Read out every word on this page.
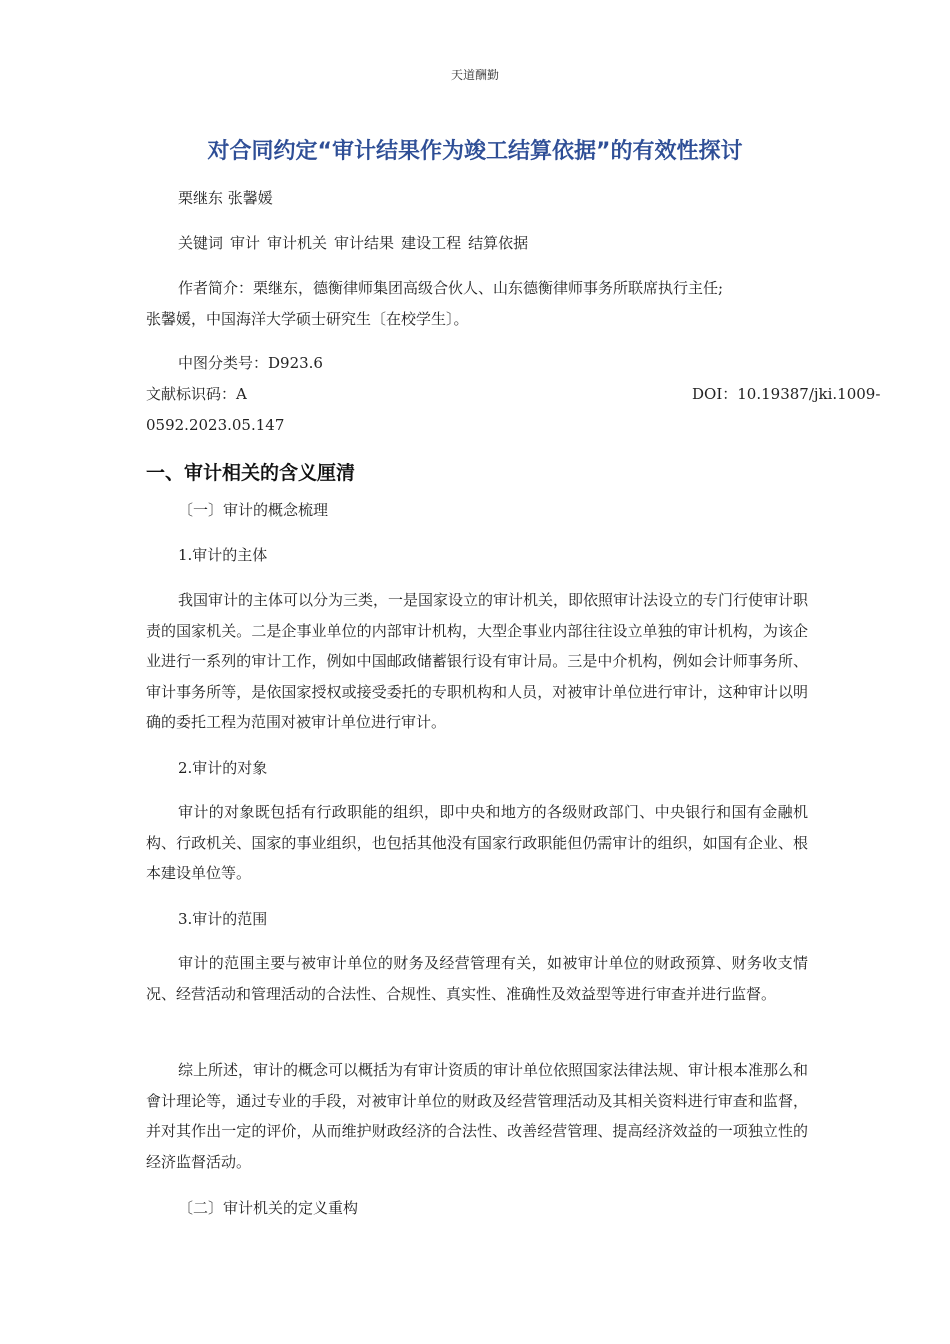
天道酬勤
对合同约定“审计结果作为竣工结算依据”的有效性探讨
栗继东 张馨媛
关键词 审计 审计机关 审计结果 建设工程 结算依据
作者简介：栗继东，德衡律师集团高级合伙人、山东德衡律师事务所联席执行主任;
张馨媛，中国海洋大学硕士研究生〔在校学生〕。
中图分类号：D923.6
文献标识码：A	DOI：10.19387/jki.1009-
0592.2023.05.147
一、审计相关的含义厘清
〔一〕审计的概念梳理
1.审计的主体
我国审计的主体可以分为三类，一是国家设立的审计机关，即依照审计法设立的专门行使审计职责的国家机关。二是企事业单位的内部审计机构，大型企事业内部往往设立单独的审计机构，为该企业进行一系列的审计工作，例如中国邮政储蓄银行设有审计局。三是中介机构，例如会计师事务所、审计事务所等，是依国家授权或接受委托的专职机构和人员，对被审计单位进行审计，这种审计以明确的委托工程为范围对被审计单位进行审计。
2.审计的对象
审计的对象既包括有行政职能的组织，即中央和地方的各级财政部门、中央银行和国有金融机构、行政机关、国家的事业组织，也包括其他没有国家行政职能但仍需审计的组织，如国有企业、根本建设单位等。
3.审计的范围
审计的范围主要与被审计单位的财务及经营管理有关，如被审计单位的财政预算、财务收支情况、经营活动和管理活动的合法性、合规性、真实性、准确性及效益型等进行审查并进行监督。
综上所述，审计的概念可以概括为有审计资质的审计单位依照国家法律法规、审计根本准那么和會计理论等，通过专业的手段，对被审计单位的财政及经营管理活动及其相关资料进行审查和监督，并对其作出一定的评价，从而维护财政经济的合法性、改善经营管理、提高经济效益的一项独立性的经济监督活动。
〔二〕审计机关的定义重构
